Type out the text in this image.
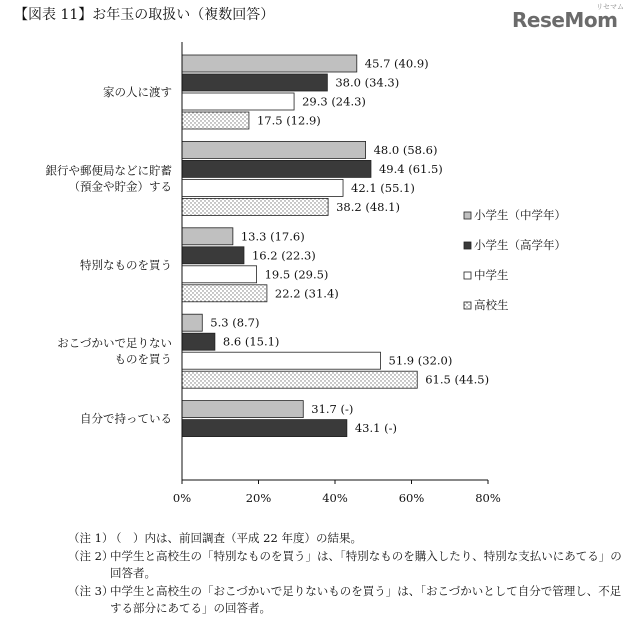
【図表 11】お年玉の取扱い（複数回答）	ReseMom
リセマム
45.7 (40.9)
38.0 (34.3)
29.3 (24.3)
17.5 (12.9)
48.0 (58.6)
49.4 (61.5)
42.1 (55.1)
38.2 (48.1)
13.3 (17.6)
16.2 (22.3)
19.5 (29.5)
22.2 (31.4)
5.3 (8.7)
8.6 (15.1)
51.9 (32.0)
61.5 (44.5)
31.7 (-)
43.1 (-)
家の人に渡す
銀行や郵便局などに貯蓄
（預金や貯金）する
特別なものを買う
おこづかいで足りない
ものを買う
自分で持っている
0%	20%	40%	60%	80%
小学生（中学年）
小学生（高学年）
中学生
高校生
（注 1）
（　）内は、前回調査（平成 22 年度）の結果。
（注 2）
中学生と高校生の「特別なものを買う」は、「特別なものを購入したり、特別な支払いにあてる」の回答者。
（注 3）
中学生と高校生の「おこづかいで足りないものを買う」は、「おこづかいとして自分で管理し、不足する部分にあてる」の回答者。
